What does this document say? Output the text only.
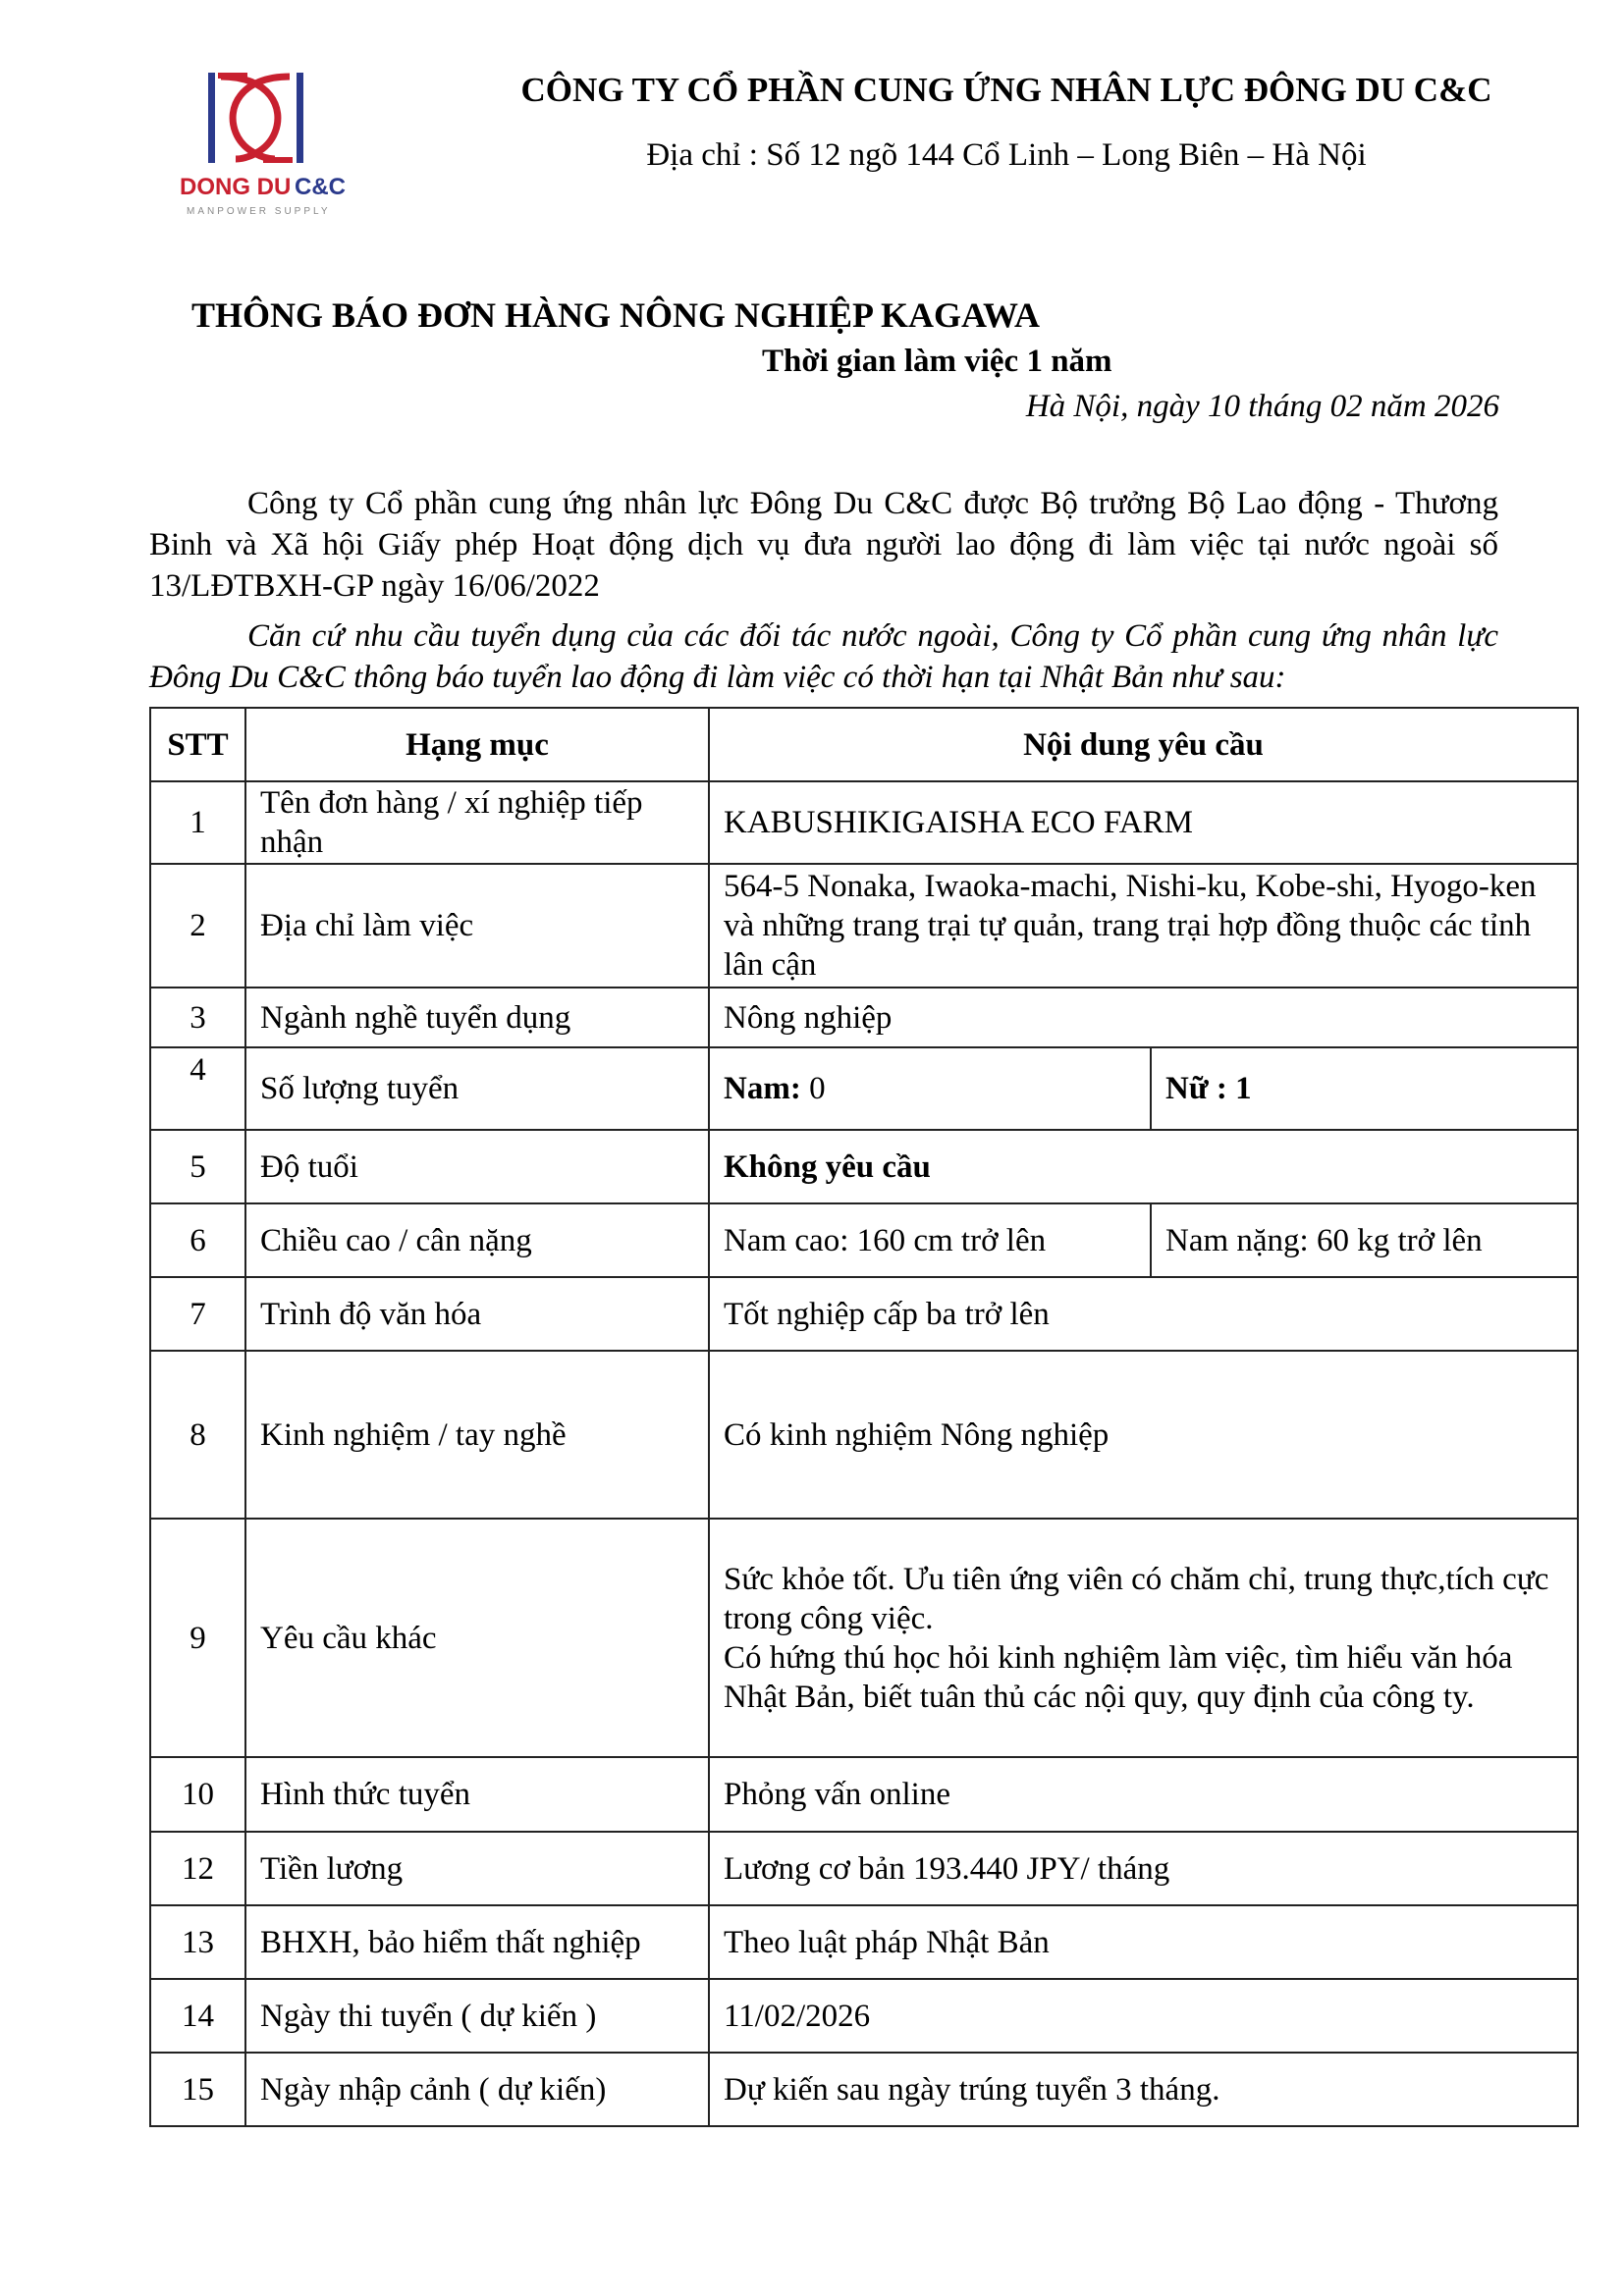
DONG DU C&C
MANPOWER SUPPLY
CÔNG TY CỔ PHẦN CUNG ỨNG NHÂN LỰC ĐÔNG DU C&C
Địa chỉ : Số 12 ngõ 144 Cổ Linh – Long Biên – Hà Nội
THÔNG BÁO ĐƠN HÀNG NÔNG NGHIỆP KAGAWA
Thời gian làm việc 1 năm
Hà Nội, ngày 10 tháng 02 năm 2026
Công ty Cổ phần cung ứng nhân lực Đông Du C&C được Bộ trưởng Bộ Lao động - Thương Binh và Xã hội Giấy phép Hoạt động dịch vụ đưa người lao động đi làm việc tại nước ngoài số 13/LĐTBXH-GP ngày 16/06/2022
Căn cứ nhu cầu tuyển dụng của các đối tác nước ngoài, Công ty Cổ phần cung ứng nhân lực Đông Du C&C thông báo tuyển lao động đi làm việc có thời hạn tại Nhật Bản như sau:
STT	Hạng mục	Nội dung yêu cầu	
1	Tên đơn hàng / xí nghiệp tiếp nhận	KABUSHIKIGAISHA ECO FARM	
2	Địa chỉ làm việc	564-5 Nonaka, Iwaoka-machi, Nishi-ku, Kobe-shi, Hyogo-ken và những trang trại tự quản, trang trại hợp đồng thuộc các tỉnh lân cận	
3	Ngành nghề tuyển dụng	Nông nghiệp	
4	Số lượng tuyển	Nam: 0	Nữ : 1
5	Độ tuổi	Không yêu cầu	
6	Chiều cao / cân nặng	Nam cao: 160 cm trở lên	Nam nặng: 60 kg trở lên
7	Trình độ văn hóa	Tốt nghiệp cấp ba trở lên	
8	Kinh nghiệm / tay nghề	Có kinh nghiệm Nông nghiệp	
9	Yêu cầu khác	Sức khỏe tốt. Ưu tiên ứng viên có chăm chỉ, trung thực,tích cực trong công việc.
Có hứng thú học hỏi kinh nghiệm làm việc, tìm hiểu văn hóa Nhật Bản, biết tuân thủ các nội quy, quy định của công ty.	

10	Hình thức tuyển	Phỏng vấn online	
12	Tiền lương	Lương cơ bản 193.440 JPY/ tháng	
13	BHXH, bảo hiểm thất nghiệp	Theo luật pháp Nhật Bản	
14	Ngày thi tuyển ( dự kiến )	11/02/2026	
15	Ngày nhập cảnh ( dự kiến)	Dự kiến sau ngày trúng tuyển 3 tháng.	
